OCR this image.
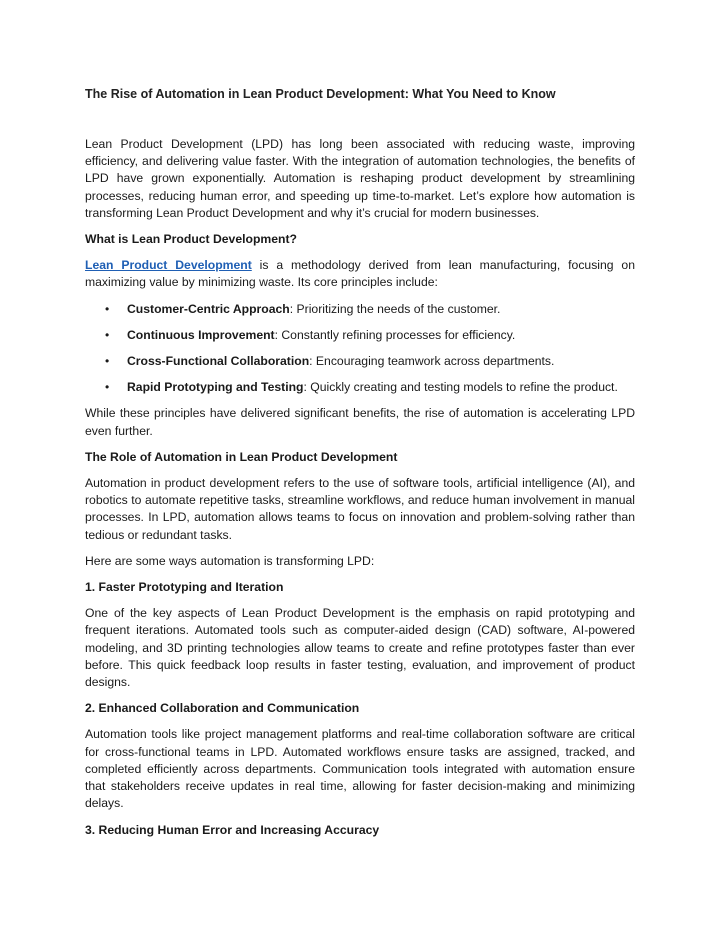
The Rise of Automation in Lean Product Development: What You Need to Know

Lean Product Development (LPD) has long been associated with reducing waste, improving efficiency, and delivering value faster. With the integration of automation technologies, the benefits of LPD have grown exponentially. Automation is reshaping product development by streamlining processes, reducing human error, and speeding up time-to-market. Let’s explore how automation is transforming Lean Product Development and why it’s crucial for modern businesses.

What is Lean Product Development?

Lean Product Development is a methodology derived from lean manufacturing, focusing on maximizing value by minimizing waste. Its core principles include:

• Customer-Centric Approach: Prioritizing the needs of the customer.
• Continuous Improvement: Constantly refining processes for efficiency.
• Cross-Functional Collaboration: Encouraging teamwork across departments.
• Rapid Prototyping and Testing: Quickly creating and testing models to refine the product.

While these principles have delivered significant benefits, the rise of automation is accelerating LPD even further.

The Role of Automation in Lean Product Development

Automation in product development refers to the use of software tools, artificial intelligence (AI), and robotics to automate repetitive tasks, streamline workflows, and reduce human involvement in manual processes. In LPD, automation allows teams to focus on innovation and problem-solving rather than tedious or redundant tasks.

Here are some ways automation is transforming LPD:

1. Faster Prototyping and Iteration

One of the key aspects of Lean Product Development is the emphasis on rapid prototyping and frequent iterations. Automated tools such as computer-aided design (CAD) software, AI-powered modeling, and 3D printing technologies allow teams to create and refine prototypes faster than ever before. This quick feedback loop results in faster testing, evaluation, and improvement of product designs.

2. Enhanced Collaboration and Communication

Automation tools like project management platforms and real-time collaboration software are critical for cross-functional teams in LPD. Automated workflows ensure tasks are assigned, tracked, and completed efficiently across departments. Communication tools integrated with automation ensure that stakeholders receive updates in real time, allowing for faster decision-making and minimizing delays.

3. Reducing Human Error and Increasing Accuracy
